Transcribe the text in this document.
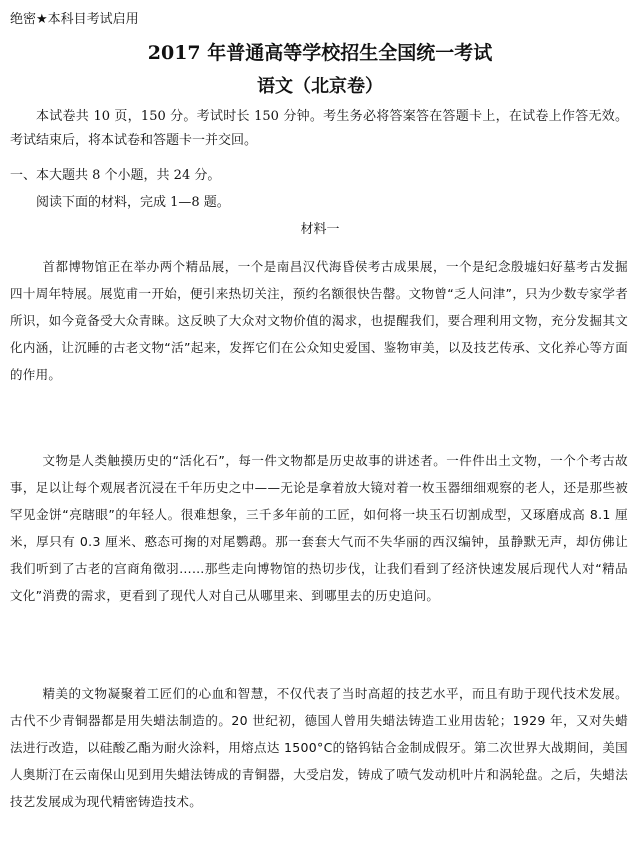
绝密★本科目考试启用
2017 年普通高等学校招生全国统一考试
语文（北京卷）

本试卷共 10 页，150 分。考试时长 150 分钟。考生务必将答案答在答题卡上，在试卷上作答无效。考试结束后，将本试卷和答题卡一并交回。

一、本大题共 8 个小题，共 24 分。
阅读下面的材料，完成 1—8 题。
材料一

首都博物馆正在举办两个精品展，一个是南昌汉代海昏侯考古成果展，一个是纪念殷墟妇好墓考古发掘四十周年特展。展览甫一开始，便引来热切关注，预约名额很快告罄。文物曾“乏人问津”，只为少数专家学者所识，如今竟备受大众青睐。这反映了大众对文物价值的渴求，也提醒我们，要合理利用文物，充分发掘其文化内涵，让沉睡的古老文物“活”起来，发挥它们在公众知史爱国、鉴物审美，以及技艺传承、文化养心等方面的作用。

文物是人类触摸历史的“活化石”，每一件文物都是历史故事的讲述者。一件件出土文物，一个个考古故事，足以让每个观展者沉浸在千年历史之中——无论是拿着放大镜对着一枚玉器细细观察的老人，还是那些被罕见金饼“亮瞎眼”的年轻人。很难想象，三千多年前的工匠，如何将一块玉石切割成型，又琢磨成高 8.1 厘米，厚只有 0.3 厘米、憨态可掬的对尾鹦鹉。那一套套大气而不失华丽的西汉编钟，虽静默无声，却仿佛让我们听到了古老的宫商角徵羽……那些走向博物馆的热切步伐，让我们看到了经济快速发展后现代人对“精品文化”消费的需求，更看到了现代人对自己从哪里来、到哪里去的历史追问。

精美的文物凝聚着工匠们的心血和智慧，不仅代表了当时高超的技艺水平，而且有助于现代技术发展。古代不少青铜器都是用失蜡法制造的。20 世纪初，德国人曾用失蜡法铸造工业用齿轮；1929 年，又对失蜡法进行改造，以硅酸乙酯为耐火涂料，用熔点达 1500°C的铬钨钴合金制成假牙。第二次世界大战期间，美国人奥斯汀在云南保山见到用失蜡法铸成的青铜器，大受启发，铸成了喷气发动机叶片和涡轮盘。之后，失蜡法技艺发展成为现代精密铸造技术。
